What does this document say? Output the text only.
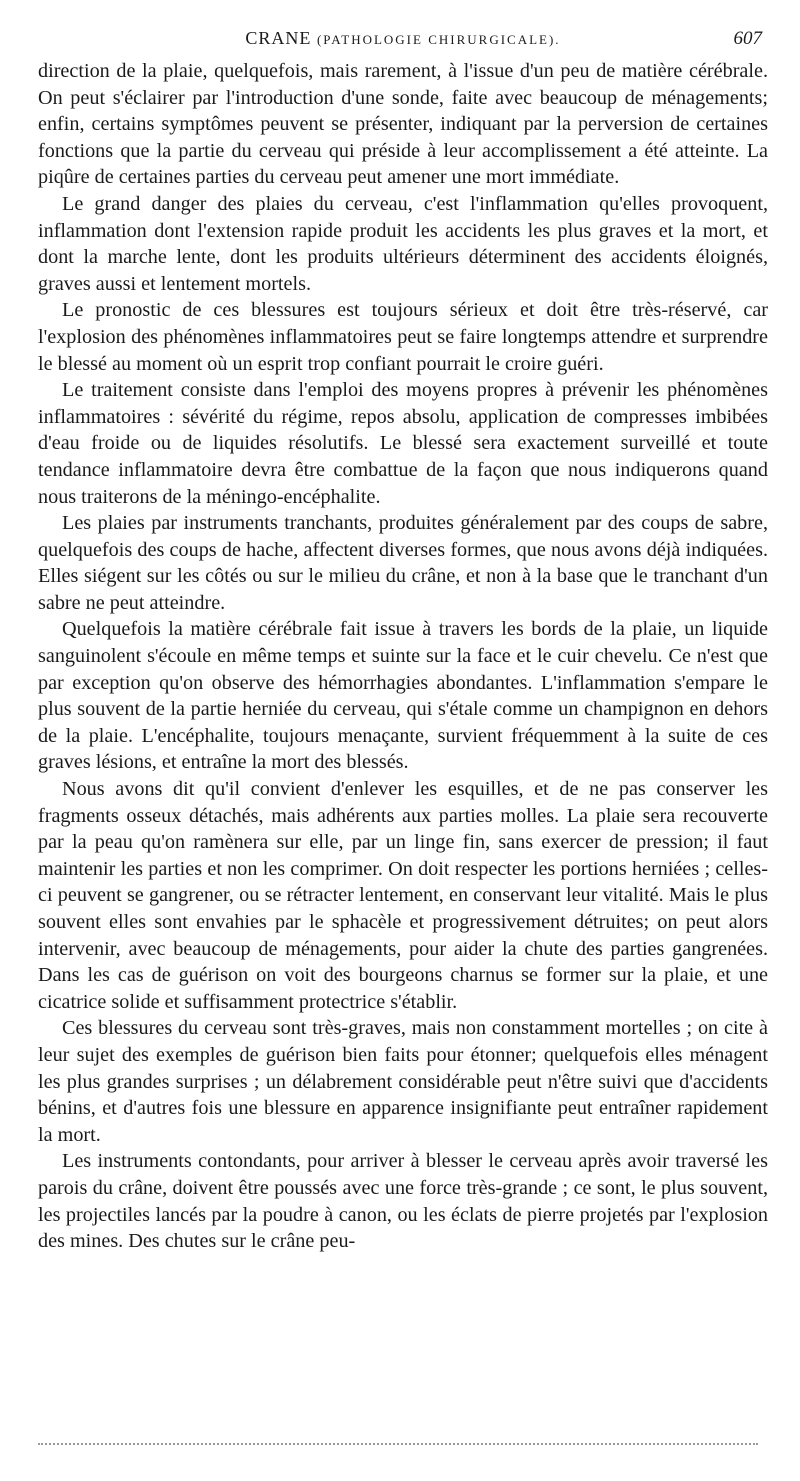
CRANE (PATHOLOGIE CHIRURGICALE).	607

direction de la plaie, quelquefois, mais rarement, à l'issue d'un peu de matière cérébrale. On peut s'éclairer par l'introduction d'une sonde, faite avec beaucoup de ménagements; enfin, certains symptômes peuvent se présenter, indiquant par la perversion de certaines fonctions que la partie du cerveau qui préside à leur accomplissement a été atteinte. La piqûre de certaines parties du cerveau peut amener une mort immédiate.

Le grand danger des plaies du cerveau, c'est l'inflammation qu'elles provoquent, inflammation dont l'extension rapide produit les accidents les plus graves et la mort, et dont la marche lente, dont les produits ultérieurs déterminent des accidents éloignés, graves aussi et lentement mortels.

Le pronostic de ces blessures est toujours sérieux et doit être très-réservé, car l'explosion des phénomènes inflammatoires peut se faire longtemps attendre et surprendre le blessé au moment où un esprit trop confiant pourrait le croire guéri.

Le traitement consiste dans l'emploi des moyens propres à prévenir les phénomènes inflammatoires : sévérité du régime, repos absolu, application de compresses imbibées d'eau froide ou de liquides résolutifs. Le blessé sera exactement surveillé et toute tendance inflammatoire devra être combattue de la façon que nous indiquerons quand nous traiterons de la méningo-encéphalite.

Les plaies par instruments tranchants, produites généralement par des coups de sabre, quelquefois des coups de hache, affectent diverses formes, que nous avons déjà indiquées. Elles siégent sur les côtés ou sur le milieu du crâne, et non à la base que le tranchant d'un sabre ne peut atteindre.

Quelquefois la matière cérébrale fait issue à travers les bords de la plaie, un liquide sanguinolent s'écoule en même temps et suinte sur la face et le cuir chevelu. Ce n'est que par exception qu'on observe des hémorrhagies abondantes. L'inflammation s'empare le plus souvent de la partie herniée du cerveau, qui s'étale comme un champignon en dehors de la plaie. L'encéphalite, toujours menaçante, survient fréquemment à la suite de ces graves lésions, et entraîne la mort des blessés.

Nous avons dit qu'il convient d'enlever les esquilles, et de ne pas conserver les fragments osseux détachés, mais adhérents aux parties molles. La plaie sera recouverte par la peau qu'on ramènera sur elle, par un linge fin, sans exercer de pression; il faut maintenir les parties et non les comprimer. On doit respecter les portions herniées ; celles-ci peuvent se gangrener, ou se rétracter lentement, en conservant leur vitalité. Mais le plus souvent elles sont envahies par le sphacèle et progressivement détruites; on peut alors intervenir, avec beaucoup de ménagements, pour aider la chute des parties gangrenées. Dans les cas de guérison on voit des bourgeons charnus se former sur la plaie, et une cicatrice solide et suffisamment protectrice s'établir.

Ces blessures du cerveau sont très-graves, mais non constamment mortelles ; on cite à leur sujet des exemples de guérison bien faits pour étonner; quelquefois elles ménagent les plus grandes surprises ; un délabrement considérable peut n'être suivi que d'accidents bénins, et d'autres fois une blessure en apparence insignifiante peut entraîner rapidement la mort.

Les instruments contondants, pour arriver à blesser le cerveau après avoir traversé les parois du crâne, doivent être poussés avec une force très-grande ; ce sont, le plus souvent, les projectiles lancés par la poudre à canon, ou les éclats de pierre projetés par l'explosion des mines. Des chutes sur le crâne peu-
